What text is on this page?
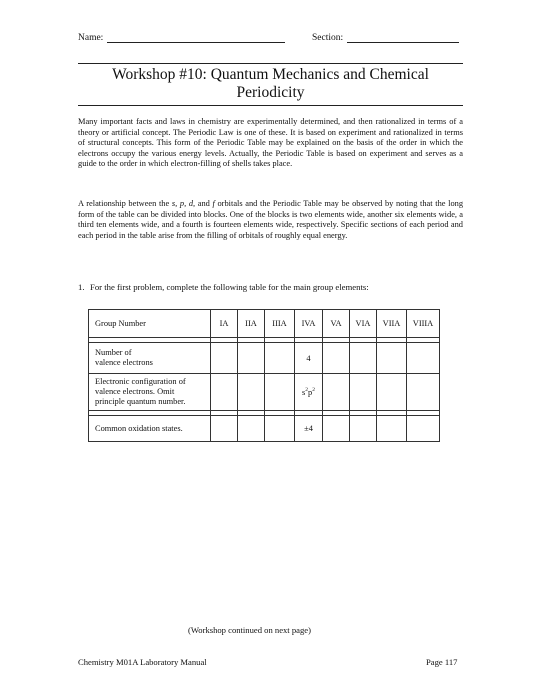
Name:	Section:
Workshop #10: Quantum Mechanics and Chemical
Periodicity

Many important facts and laws in chemistry are experimentally determined, and then rationalized in terms of a theory or artificial concept. The Periodic Law is one of these. It is based on experiment and rationalized in terms of structural concepts. This form of the Periodic Table may be explained on the basis of the order in which the electrons occupy the various energy levels. Actually, the Periodic Table is based on experiment and serves as a guide to the order in which electron-filling of shells takes place.

A relationship between the s, p, d, and f orbitals and the Periodic Table may be observed by noting that the long form of the table can be divided into blocks. One of the blocks is two elements wide, another six elements wide, a third ten elements wide, and a fourth is fourteen elements wide, respectively. Specific sections of each period and each period in the table arise from the filling of orbitals of roughly equal energy.

1. For the first problem, complete the following table for the main group elements:

Group Number	IA	IIA	IIIA	IVA	VA	VIA	VIIA	VIIIA

Number of
valence electrons				4				
Electronic configuration of
valence electrons. Omit
principle quantum number.				$s^2p^2$				

Common oxidation states.				±4				
(Workshop continued on next page)
Chemistry M01A Laboratory Manual	Page 117
